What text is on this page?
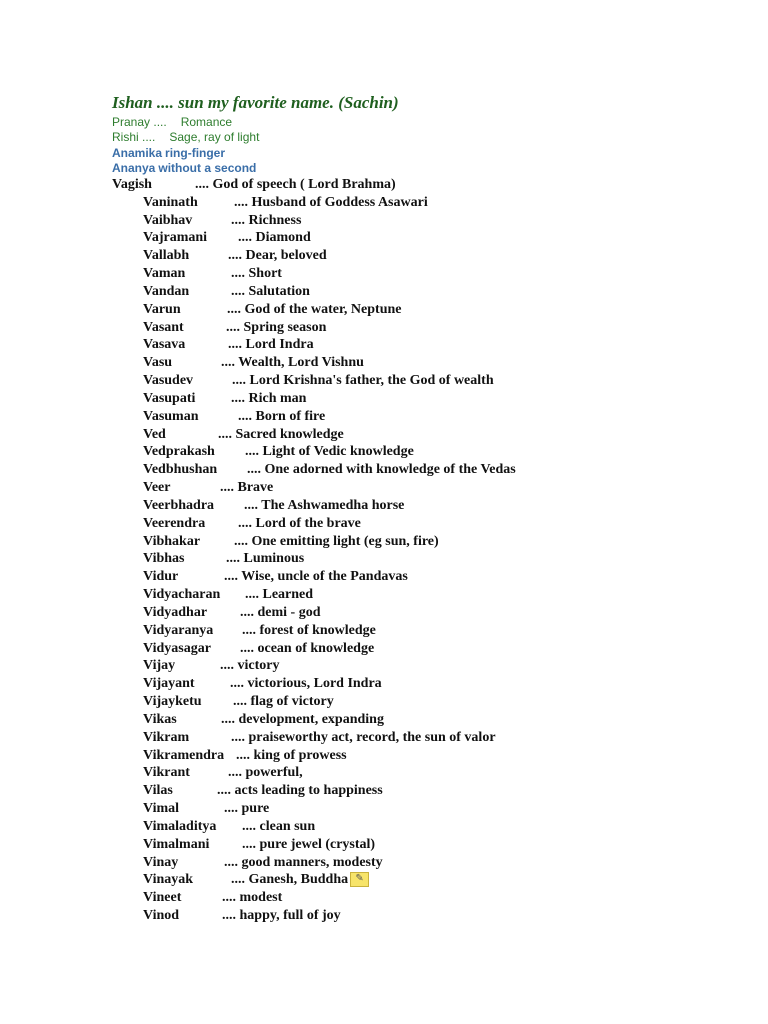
Ishan .... sun my favorite name. (Sachin)
Pranay .... Romance
Rishi .... Sage, ray of light
Anamika ring-finger
Ananya without a second
Vagish	.... God of speech ( Lord Brahma)
Vaninath	.... Husband of Goddess Asawari
Vaibhav	.... Richness
Vajramani .... Diamond
Vallabh	.... Dear, beloved
Vaman	.... Short
Vandan	.... Salutation
Varun	.... God of the water, Neptune
Vasant	.... Spring season
Vasava	.... Lord Indra
Vasu	.... Wealth, Lord Vishnu
Vasudev	.... Lord Krishna's father, the God of wealth
Vasupati	.... Rich man
Vasuman	.... Born of fire
Ved	.... Sacred knowledge
Vedprakash .... Light of Vedic knowledge
Vedbhushan .... One adorned with knowledge of the Vedas
Veer	.... Brave
Veerbhadra .... The Ashwamedha horse
Veerendra .... Lord of the brave
Vibhakar .... One emitting light (eg sun, fire)
Vibhas	.... Luminous
Vidur	.... Wise, uncle of the Pandavas
Vidyacharan .... Learned
Vidyadhar .... demi - god
Vidyaranya .... forest of knowledge
Vidyasagar .... ocean of knowledge
Vijay	.... victory
Vijayant	.... victorious, Lord Indra
Vijayketu .... flag of victory
Vikas	.... development, expanding
Vikram	.... praiseworthy act, record, the sun of valor
Vikramendra .... king of prowess
Vikrant	.... powerful,
Vilas	.... acts leading to happiness
Vimal	.... pure
Vimaladitya .... clean sun
Vimalmani .... pure jewel (crystal)
Vinay	.... good manners, modesty
Vinayak	.... Ganesh, Buddha ✎
Vineet	.... modest
Vinod	.... happy, full of joy
